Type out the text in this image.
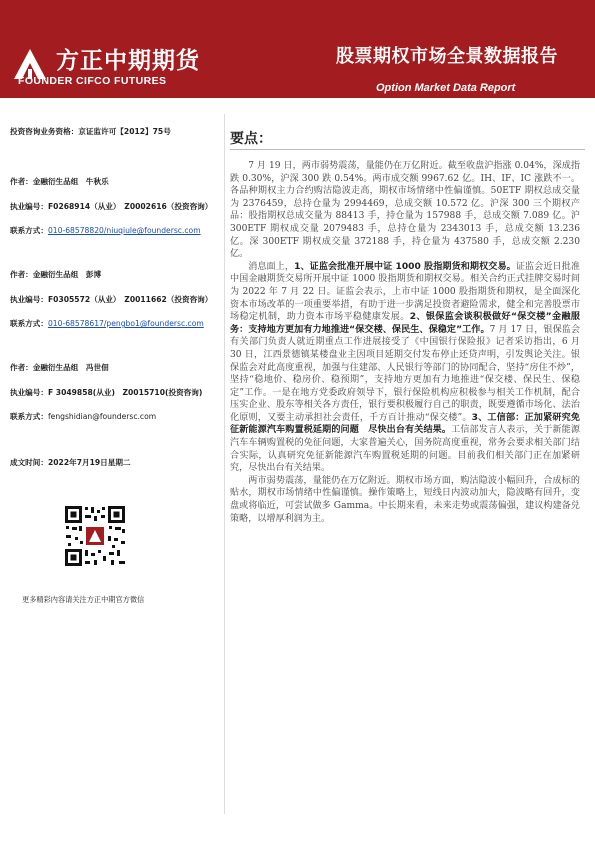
方正中期期货
FOUNDER CIFCO FUTURES
股票期权市场全景数据报告
Option Market Data Report
投资咨询业务资格：京证监许可【2012】75号
作者：金融衍生品组　牛秋乐
执业编号：F0268914（从业）　Z0002616（投资咨询）
联系方式：010-68578820/niuqiule@foundersc.com
作者：金融衍生品组　彭博
执业编号：F0305572（从业）　Z0011662（投资咨询）
联系方式：010-68578617/pengbo1@foundersc.com
作者：金融衍生品组　冯世佃
执业编号：F 3049858(从业)　Z0015710(投资咨询)
联系方式：fengshidian@foundersc.com
成文时间：2022年7月19日星期二
更多精彩内容请关注方正中期官方微信
要点：

7 月 19 日，两市弱势震荡，量能仍在万亿附近。截至收盘沪指涨 0.04%，深成指跌 0.30%，沪深 300 跌 0.54%。两市成交额 9967.62 亿。IH、IF、IC 涨跌不一。各品种期权主力合约购沽隐波走高，期权市场情绪中性偏谨慎。50ETF 期权总成交量为 2376459，总持仓量为 2994469，总成交额 10.572 亿。沪深 300 三个期权产品：股指期权总成交量为 88413 手，持仓量为 157988 手，总成交额 7.089 亿。沪 300ETF 期权成交量 2079483 手，总持仓量为 2343013 手，总成交额 13.236 亿。深 300ETF 期权成交量 372188 手，持仓量为 437580 手，总成交额 2.230 亿。

消息面上，1、证监会批准开展中证 1000 股指期货和期权交易。证监会近日批准中国金融期货交易所开展中证 1000 股指期货和期权交易。相关合约正式挂牌交易时间为 2022 年 7 月 22 日。证监会表示，上市中证 1000 股指期货和期权，是全面深化资本市场改革的一项重要举措，有助于进一步满足投资者避险需求，健全和完善股票市场稳定机制，助力资本市场平稳健康发展。2、银保监会谈积极做好“保交楼”金融服务：支持地方更加有力地推进“保交楼、保民生、保稳定”工作。7 月 17 日，银保监会有关部门负责人就近期重点工作进展接受了《中国银行保险报》记者采访指出，6 月 30 日，江西景德镇某楼盘业主因项目延期交付发布停止还贷声明，引发舆论关注。银保监会对此高度重视，加强与住建部、人民银行等部门的协同配合，坚持“房住不炒”，坚持“稳地价、稳房价、稳预期”，支持地方更加有力地推进“保交楼、保民生、保稳定”工作。一是在地方党委政府领导下，银行保险机构应积极参与相关工作机制，配合压实企业、股东等相关各方责任，银行要积极履行自己的职责，既要遵循市场化、法治化原则，又要主动承担社会责任，千方百计推动“保交楼”。3、工信部：正加紧研究免征新能源汽车购置税延期的问题　尽快出台有关结果。工信部发言人表示，关于新能源汽车车辆购置税的免征问题，大家普遍关心，国务院高度重视，常务会要求相关部门结合实际，认真研究免征新能源汽车购置税延期的问题。目前我们相关部门正在加紧研究，尽快出台有关结果。

两市弱势震荡，量能仍在万亿附近。期权市场方面，购沽隐波小幅回升，合成标的贴水，期权市场情绪中性偏谨慎。操作策略上，短线日内波动加大，隐波略有回升，变盘或将临近，可尝试做多 Gamma。中长期来看，未来走势或震荡偏强，建议构建备兑策略，以增厚利润为主。
